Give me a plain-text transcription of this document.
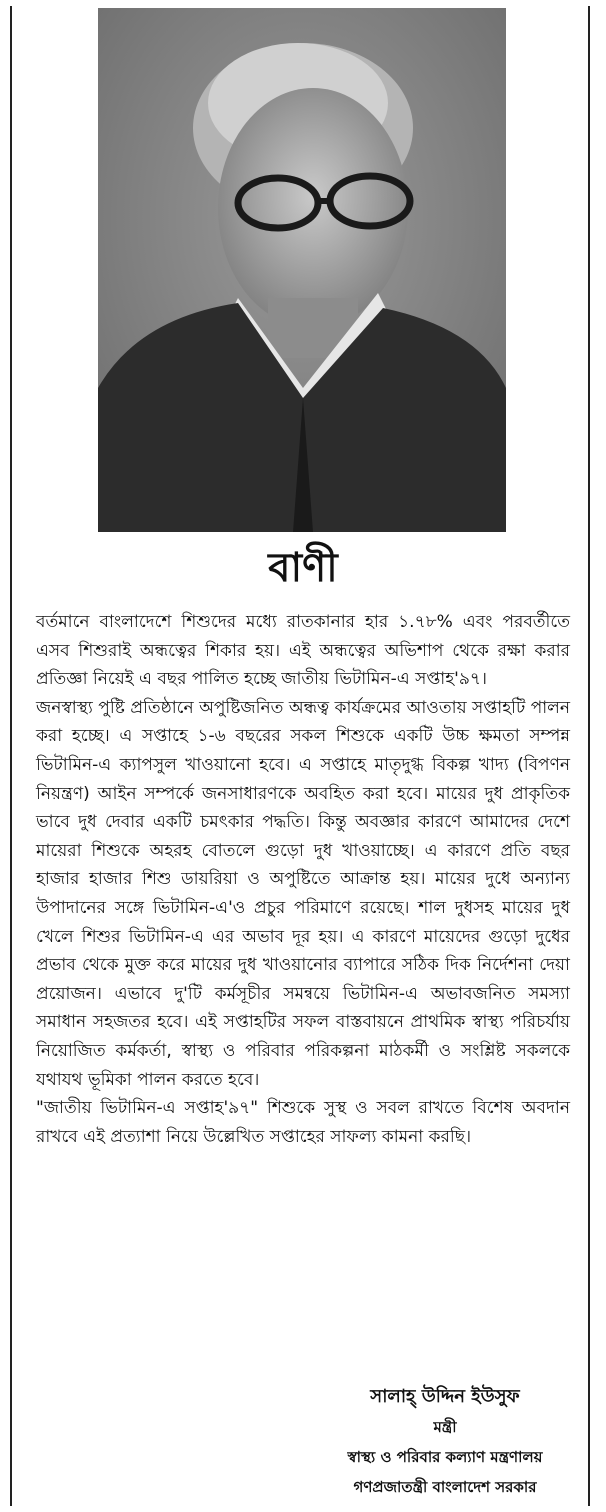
বাণী

বর্তমানে বাংলাদেশে শিশুদের মধ্যে রাতকানার হার ১.৭৮% এবং পরবর্তীতে এসব শিশুরাই অন্ধত্বের শিকার হয়। এই অন্ধত্বের অভিশাপ থেকে রক্ষা করার প্রতিজ্ঞা নিয়েই এ বছর পালিত হচ্ছে জাতীয় ভিটামিন-এ সপ্তাহ'৯৭।

জনস্বাস্থ্য পুষ্টি প্রতিষ্ঠানে অপুষ্টিজনিত অন্ধত্ব কার্যক্রমের আওতায় সপ্তাহটি পালন করা হচ্ছে। এ সপ্তাহে ১-৬ বছরের সকল শিশুকে একটি উচ্চ ক্ষমতা সম্পন্ন ভিটামিন-এ ক্যাপসুল খাওয়ানো হবে। এ সপ্তাহে মাতৃদুগ্ধ বিকল্প খাদ্য (বিপণন নিয়ন্ত্রণ) আইন সম্পর্কে জনসাধারণকে অবহিত করা হবে। মায়ের দুধ প্রাকৃতিক ভাবে দুধ দেবার একটি চমৎকার পদ্ধতি। কিন্তু অবজ্ঞার কারণে আমাদের দেশে মায়েরা শিশুকে অহরহ বোতলে গুড়ো দুধ খাওয়াচ্ছে। এ কারণে প্রতি বছর হাজার হাজার শিশু ডায়রিয়া ও অপুষ্টিতে আক্রান্ত হয়। মায়ের দুধে অন্যান্য উপাদানের সঙ্গে ভিটামিন-এ'ও প্রচুর পরিমাণে রয়েছে। শাল দুধসহ মায়ের দুধ খেলে শিশুর ভিটামিন-এ এর অভাব দূর হয়। এ কারণে মায়েদের গুড়ো দুধের প্রভাব থেকে মুক্ত করে মায়ের দুধ খাওয়ানোর ব্যাপারে সঠিক দিক নির্দেশনা দেয়া প্রয়োজন। এভাবে দু'টি কর্মসূচীর সমন্বয়ে ভিটামিন-এ অভাবজনিত সমস্যা সমাধান সহজতর হবে। এই সপ্তাহটির সফল বাস্তবায়নে প্রাথমিক স্বাস্থ্য পরিচর্যায় নিয়োজিত কর্মকর্তা, স্বাস্থ্য ও পরিবার পরিকল্পনা মাঠকর্মী ও সংশ্লিষ্ট সকলকে যথাযথ ভূমিকা পালন করতে হবে।

"জাতীয় ভিটামিন-এ সপ্তাহ'৯৭" শিশুকে সুস্থ ও সবল রাখতে বিশেষ অবদান রাখবে এই প্রত্যাশা নিয়ে উল্লেখিত সপ্তাহের সাফল্য কামনা করছি।

সালাহ্ উদ্দিন ইউসুফ
মন্ত্রী
স্বাস্থ্য ও পরিবার কল্যাণ মন্ত্রণালয়
গণপ্রজাতন্ত্রী বাংলাদেশ সরকার
